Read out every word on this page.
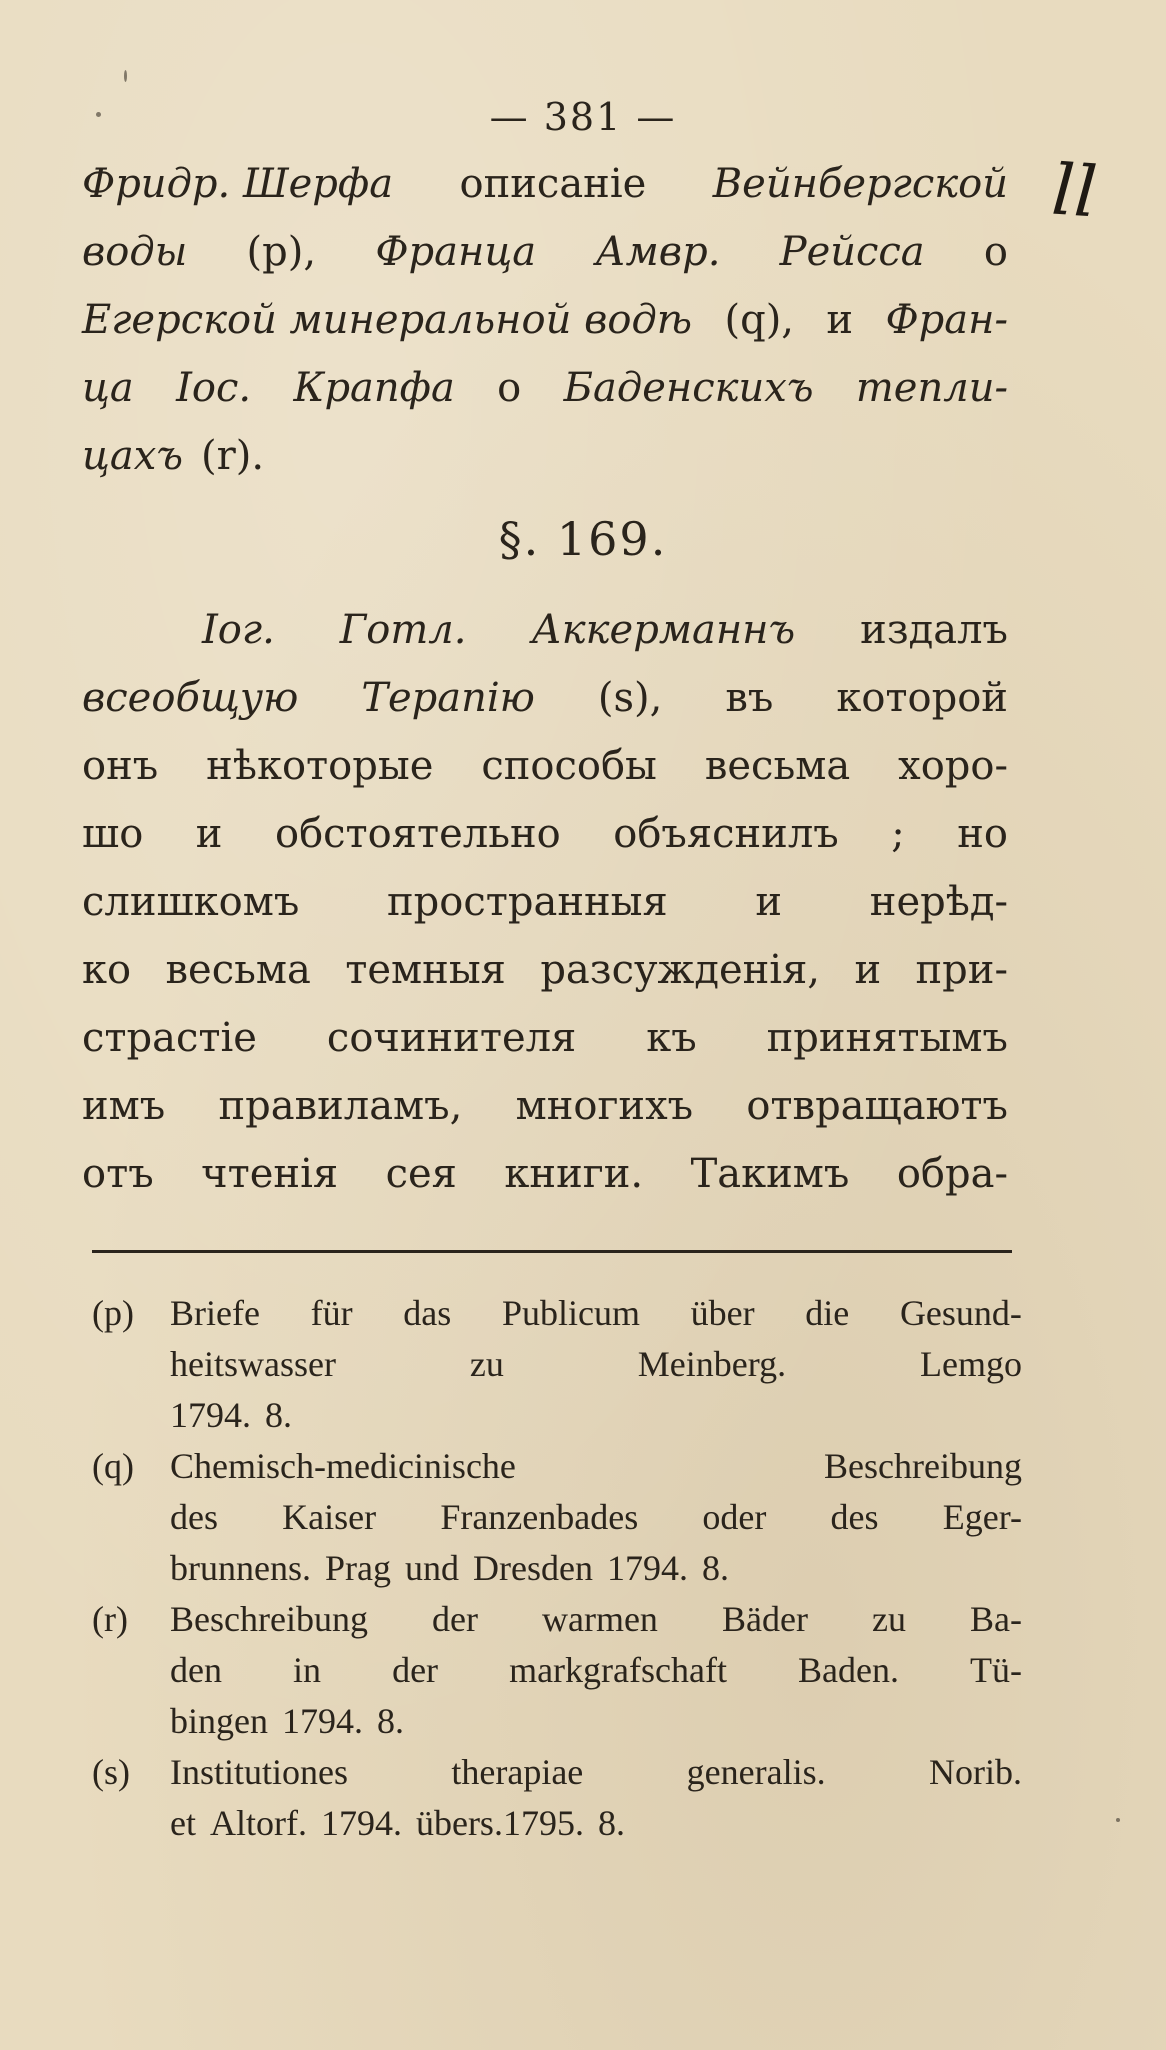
ll
— 381 —
Фридр. Шерфа описаніе Вейнбергской
воды (p), Франца Амвр. Рейсса о
Егерской минеральной водѣ (q), и Фран-
ца Іос. Крапфа о Баденскихъ тепли-
цахъ (r).
§. 169.
Іог. Готл. Аккерманнъ издалъ
всеобщую Терапію (s), въ которой
онъ нѣкоторые способы весьма хоро-
шо и обстоятельно объяснилъ ; но
слишкомъ пространныя и нерѣд-
ко весьма темныя разсужденія, и при-
страстіе сочинителя къ принятымъ
имъ правиламъ, многихъ отвращаютъ
отъ чтенія сея книги. Такимъ обра-
(p)	Briefe für das Publicum über die Gesund-
heitswasser	zu	Meinberg.	Lemgo
1794. 8.
(q)	Chemisch-medicinische	Beschreibung
des Kaiser Franzenbades oder des Eger-
brunnens. Prag und Dresden 1794. 8.
(r)	Beschreibung der warmen Bäder zu Ba-
den in der markgrafschaft Baden. Tü-
bingen 1794. 8.
(s)	Institutiones	therapiae	generalis.	Norib.
et Altorf. 1794. übers.1795. 8.
